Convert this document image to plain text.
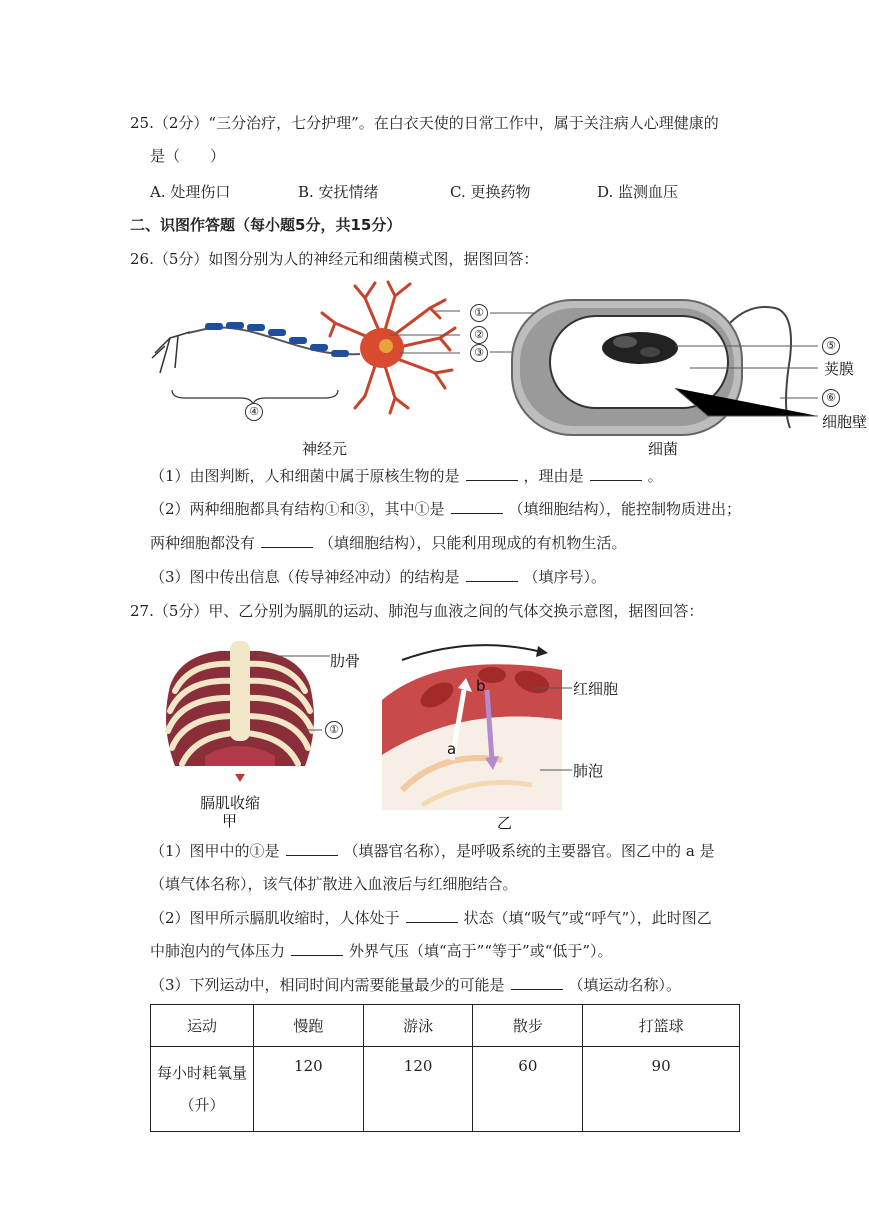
25.（2分）“三分治疗，七分护理”。在白衣天使的日常工作中，属于关注病人心理健康的
是（　　）
A. 处理伤口	B. 安抚情绪	C. 更换药物	D. 监测血压
二、识图作答题（每小题5分，共15分）
26.（5分）如图分别为人的神经元和细菌模式图，据图回答：
①
②
③
④
神经元
⑤
荚膜
⑥
细胞壁
细菌
（1）由图判断，人和细菌中属于原核生物的是	，理由是	。
（2）两种细胞都具有结构①和③，其中①是	（填细胞结构），能控制物质进出；
两种细胞都没有	（填细胞结构），只能利用现成的有机物生活。
（3）图中传出信息（传导神经冲动）的结构是	（填序号）。
27.（5分）甲、乙分别为膈肌的运动、肺泡与血液之间的气体交换示意图，据图回答：
肋骨
①
膈肌收缩
甲
a
b	红细胞
肺泡
乙
（1）图甲中的①是	（填器官名称），是呼吸系统的主要器官。图乙中的 a 是
（填气体名称），该气体扩散进入血液后与红细胞结合。
（2）图甲所示膈肌收缩时，人体处于	状态（填“吸气”或“呼气”），此时图乙
中肺泡内的气体压力	外界气压（填“高于”“等于”或“低于”）。
（3）下列运动中，相同时间内需要能量最少的可能是	（填运动名称）。
运动	慢跑	游泳	散步	打篮球
每小时耗氧量
（升）	120	120	60	90
